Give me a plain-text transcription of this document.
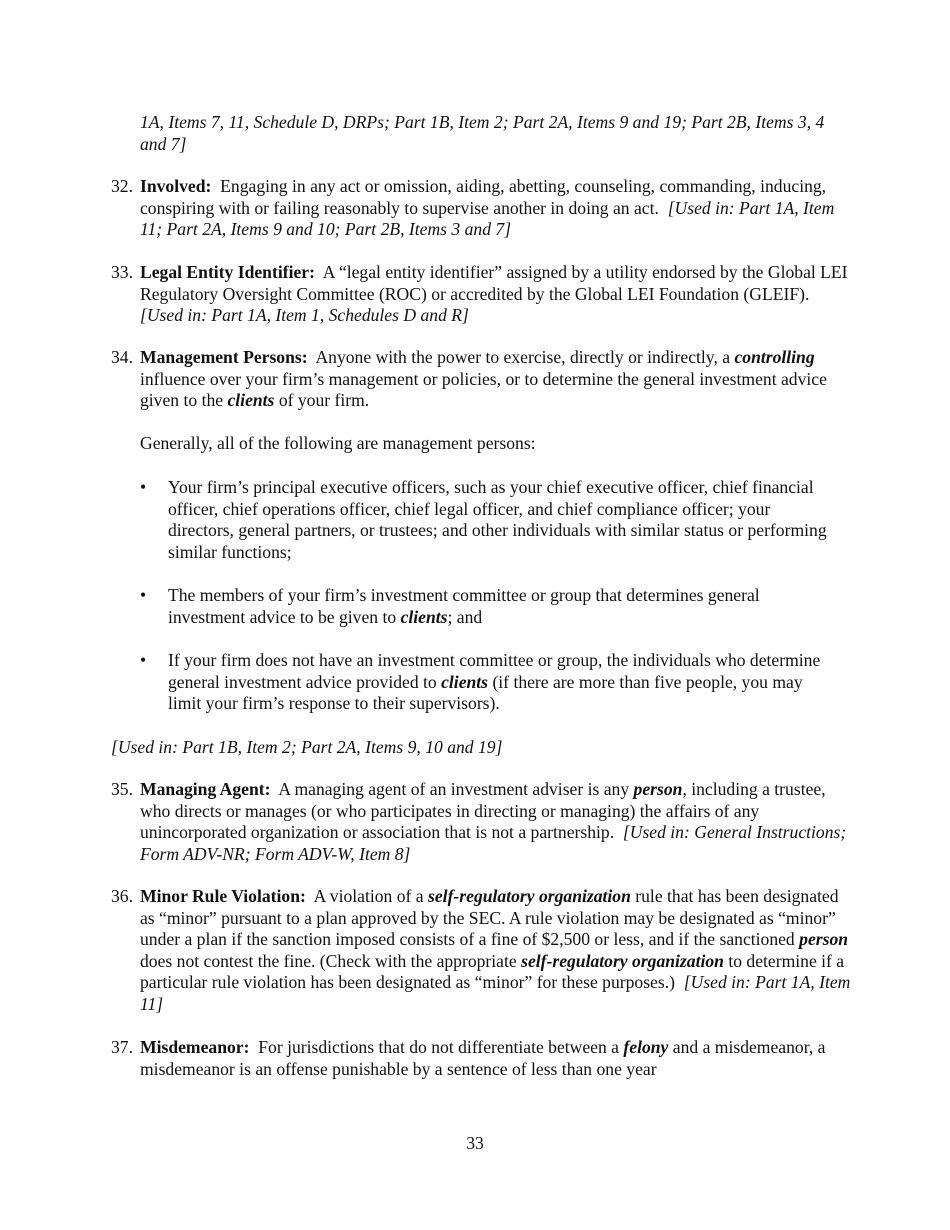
1A, Items 7, 11, Schedule D, DRPs; Part 1B, Item 2; Part 2A, Items 9 and 19; Part 2B, Items 3, 4 and 7]
32. Involved: Engaging in any act or omission, aiding, abetting, counseling, commanding, inducing, conspiring with or failing reasonably to supervise another in doing an act. [Used in: Part 1A, Item 11; Part 2A, Items 9 and 10; Part 2B, Items 3 and 7]
33. Legal Entity Identifier: A “legal entity identifier” assigned by a utility endorsed by the Global LEI Regulatory Oversight Committee (ROC) or accredited by the Global LEI Foundation (GLEIF).  [Used in: Part 1A, Item 1, Schedules D and R]
34. Management Persons: Anyone with the power to exercise, directly or indirectly, a controlling influence over your firm’s management or policies, or to determine the general investment advice given to the clients of your firm.
Generally, all of the following are management persons:
•	Your firm’s principal executive officers, such as your chief executive officer, chief financial officer, chief operations officer, chief legal officer, and chief compliance officer; your directors, general partners, or trustees; and other individuals with similar status or performing similar functions;
•	The members of your firm’s investment committee or group that determines general investment advice to be given to clients; and
•	If your firm does not have an investment committee or group, the individuals who determine general investment advice provided to clients (if there are more than five people, you may limit your firm’s response to their supervisors).
[Used in: Part 1B, Item 2; Part 2A, Items 9, 10 and 19]
35. Managing Agent: A managing agent of an investment adviser is any person, including a trustee, who directs or manages (or who participates in directing or managing) the affairs of any unincorporated organization or association that is not a partnership. [Used in: General Instructions; Form ADV-NR; Form ADV-W, Item 8]
36. Minor Rule Violation: A violation of a self-regulatory organization rule that has been designated as “minor” pursuant to a plan approved by the SEC. A rule violation may be designated as “minor” under a plan if the sanction imposed consists of a fine of $2,500 or less, and if the sanctioned person does not contest the fine. (Check with the appropriate self-regulatory organization to determine if a particular rule violation has been designated as “minor” for these purposes.) [Used in: Part 1A, Item 11]
37. Misdemeanor: For jurisdictions that do not differentiate between a felony and a misdemeanor, a misdemeanor is an offense punishable by a sentence of less than one year
33
